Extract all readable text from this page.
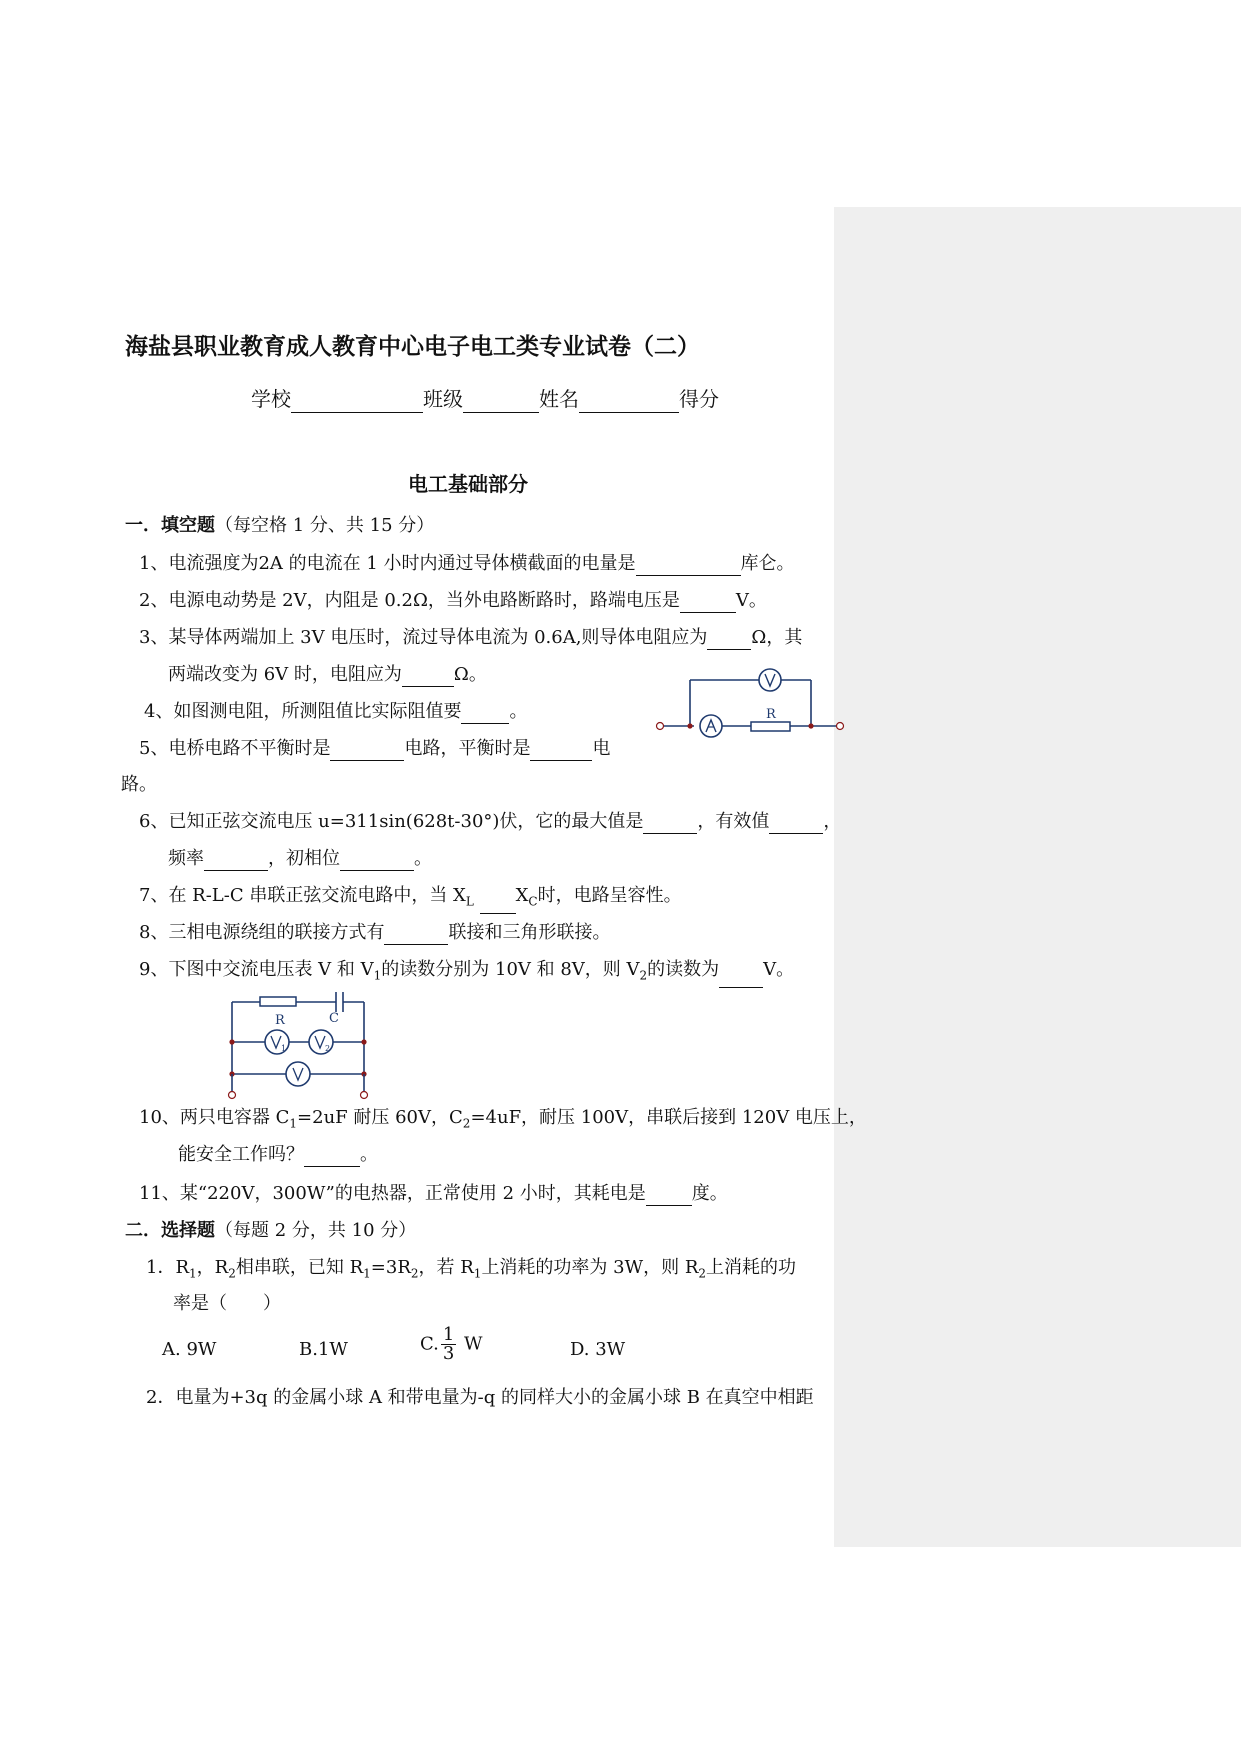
海盐县职业教育成人教育中心电子电工类专业试卷（二）
学校	班级	姓名	得分
电工基础部分
一．填空题（每空格 1 分、共 15 分）
1、电流强度为2A 的电流在 1 小时内通过导体横截面的电量是	库仑。
2、电源电动势是 2V，内阻是 0.2Ω，当外电路断路时，路端电压是	V。
3、某导体两端加上 3V 电压时，流过导体电流为 0.6A,则导体电阻应为 Ω，其
两端改变为 6V 时，电阻应为	Ω。
4、如图测电阻，所测阻值比实际阻值要	。
5、电桥电路不平衡时是	电路，平衡时是	电
路。
R
6、已知正弦交流电压 u=311sin(628t-30°)伏，它的最大值是	，有效值	，
频率	，初相位	。
7、在 R-L-C 串联正弦交流电路中，当 $X_L$ $X_C$时，电路呈容性。
8、三相电源绕组的联接方式有	联接和三角形联接。
9、下图中交流电压表 V 和 $V_1$的读数分别为 10V 和 8V，则 $V_2$的读数为 V。
R	C
1	2
10、两只电容器 $C_1=2uF$ 耐压 60V，$C_2=4uF$，耐压 100V，串联后接到 120V 电压上，
能安全工作吗？	。
11、某“220V，300W”的电热器，正常使用 2 小时，其耗电是	度。
二．选择题（每题 2 分，共 10 分）
1．$R_1$，$R_2$相串联，已知 $R_1=3R_2$，若 $R_1$上消耗的功率为 3W，则 $R_2$上消耗的功
率是（　　）
A. 9W	B.1W	C. $\frac{1}{3}$ W	D. 3W
2．电量为+3q 的金属小球 A 和带电量为-q 的同样大小的金属小球 B 在真空中相距
